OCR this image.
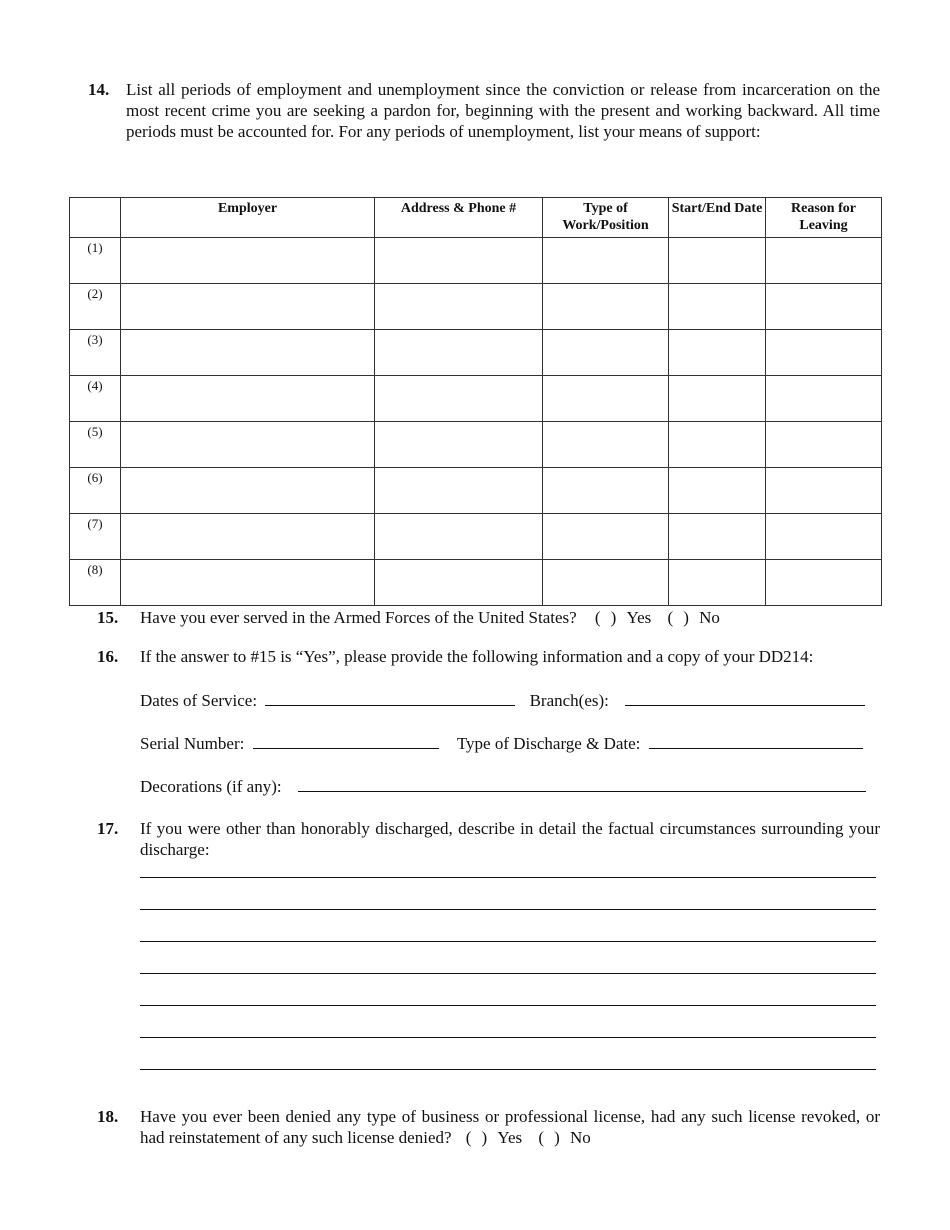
14. List all periods of employment and unemployment since the conviction or release from incarceration on the most recent crime you are seeking a pardon for, beginning with the present and working backward. All time periods must be accounted for. For any periods of unemployment, list your means of support:
	Employer	Address & Phone #	Type of Work/Position	Start/End Date	Reason for Leaving
(1)					
(2)					
(3)					
(4)					
(5)					
(6)					
(7)					
(8)					
15. Have you ever served in the Armed Forces of the United States? ( ) Yes ( ) No
16. If the answer to #15 is “Yes”, please provide the following information and a copy of your DD214:
Dates of Service:	Branch(es):
Serial Number:	Type of Discharge & Date:
Decorations (if any):
17. If you were other than honorably discharged, describe in detail the factual circumstances surrounding your discharge:
18. Have you ever been denied any type of business or professional license, had any such license revoked, or had reinstatement of any such license denied? ( ) Yes ( ) No
